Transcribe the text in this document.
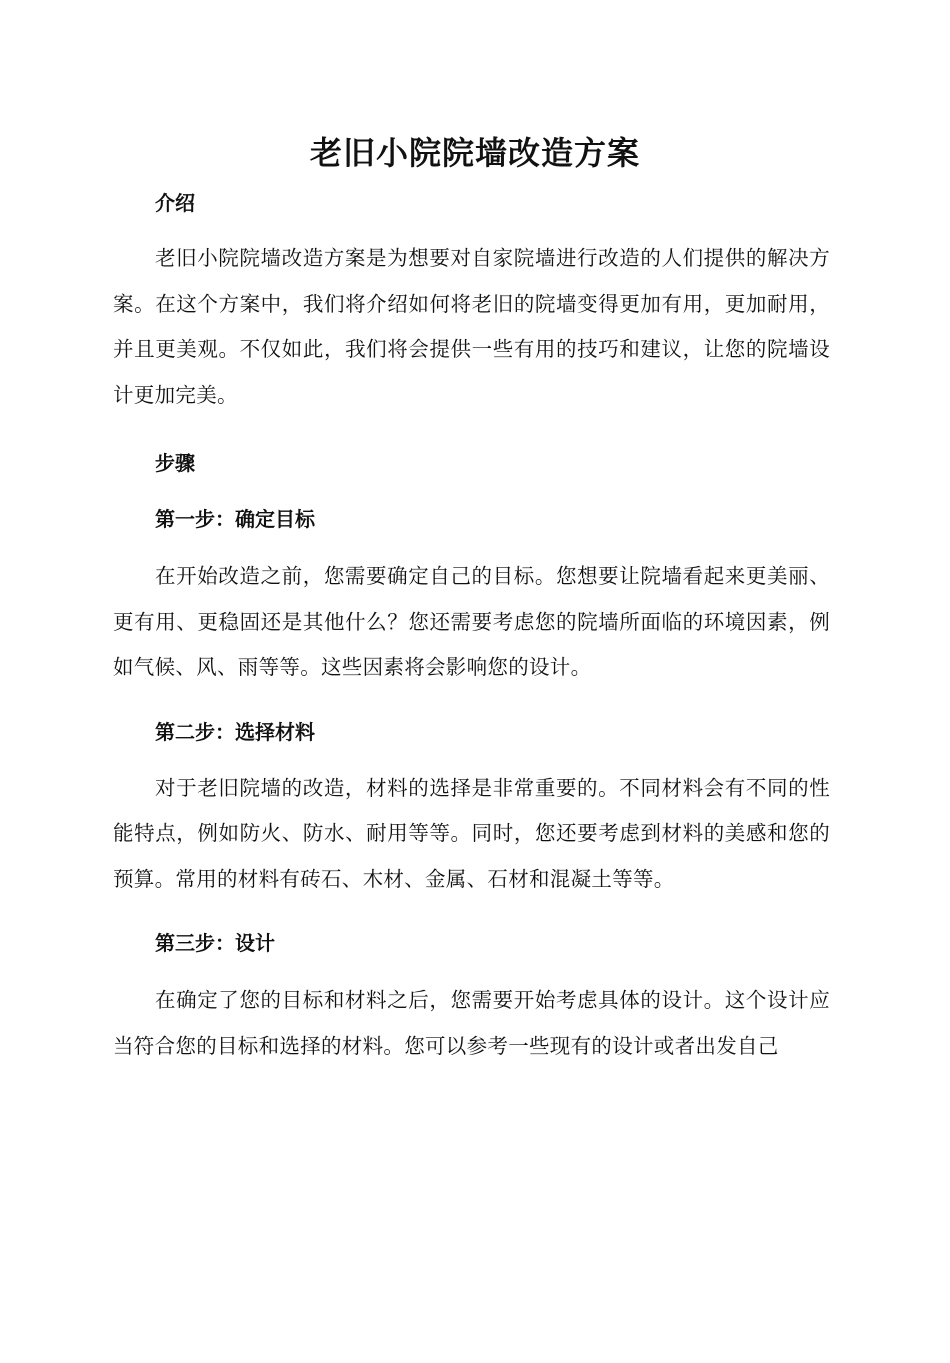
老旧小院院墙改造方案
介绍

老旧小院院墙改造方案是为想要对自家院墙进行改造的人们提供的解决方案。在这个方案中，我们将介绍如何将老旧的院墙变得更加有用，更加耐用，并且更美观。不仅如此，我们将会提供一些有用的技巧和建议，让您的院墙设计更加完美。

步骤
第一步：确定目标

在开始改造之前，您需要确定自己的目标。您想要让院墙看起来更美丽、更有用、更稳固还是其他什么？您还需要考虑您的院墙所面临的环境因素，例如气候、风、雨等等。这些因素将会影响您的设计。

第二步：选择材料

对于老旧院墙的改造，材料的选择是非常重要的。不同材料会有不同的性能特点，例如防火、防水、耐用等等。同时，您还要考虑到材料的美感和您的预算。常用的材料有砖石、木材、金属、石材和混凝土等等。

第三步：设计

在确定了您的目标和材料之后，您需要开始考虑具体的设计。这个设计应当符合您的目标和选择的材料。您可以参考一些现有的设计或者出发自己
